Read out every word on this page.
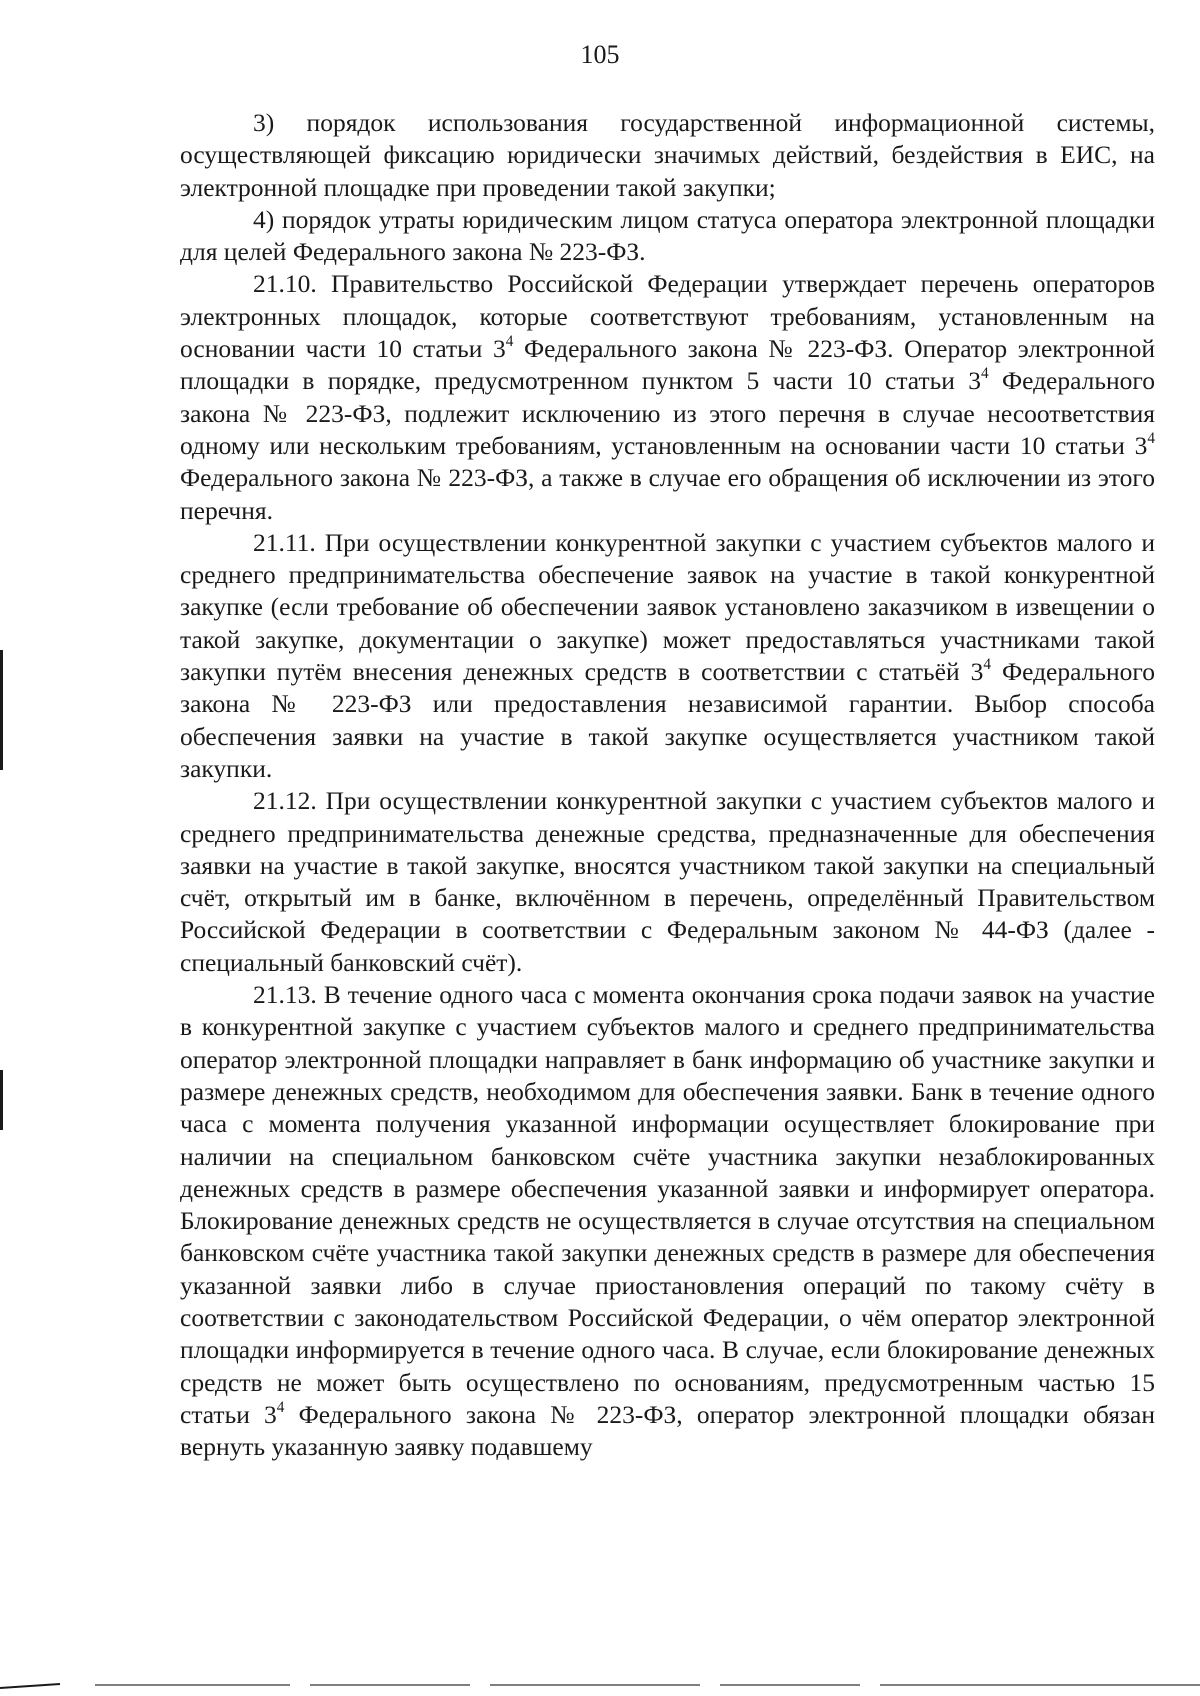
105

3) порядок использования государственной информационной системы, осуществляющей фиксацию юридически значимых действий, бездействия в ЕИС, на электронной площадке при проведении такой закупки;

4) порядок утраты юридическим лицом статуса оператора электронной площадки для целей Федерального закона № 223-ФЗ.

21.10. Правительство Российской Федерации утверждает перечень операторов электронных площадок, которые соответствуют требованиям, установленным на основании части 10 статьи $3^4$ Федерального закона № 223-ФЗ. Оператор электронной площадки в порядке, предусмотренном пунктом 5 части 10 статьи $3^4$ Федерального закона № 223-ФЗ, подлежит исключению из этого перечня в случае несоответствия одному или нескольким требованиям, установленным на основании части 10 статьи $3^4$ Федерального закона № 223-ФЗ, а также в случае его обращения об исключении из этого перечня.

21.11. При осуществлении конкурентной закупки с участием субъектов малого и среднего предпринимательства обеспечение заявок на участие в такой конкурентной закупке (если требование об обеспечении заявок установлено заказчиком в извещении о такой закупке, документации о закупке) может предоставляться участниками такой закупки путём внесения денежных средств в соответствии с статьёй $3^4$ Федерального закона № 223-ФЗ или предоставления независимой гарантии. Выбор способа обеспечения заявки на участие в такой закупке осуществляется участником такой закупки.

21.12. При осуществлении конкурентной закупки с участием субъектов малого и среднего предпринимательства денежные средства, предназначенные для обеспечения заявки на участие в такой закупке, вносятся участником такой закупки на специальный счёт, открытый им в банке, включённом в перечень, определённый Правительством Российской Федерации в соответствии с Федеральным законом № 44-ФЗ (далее - специальный банковский счёт).

21.13. В течение одного часа с момента окончания срока подачи заявок на участие в конкурентной закупке с участием субъектов малого и среднего предпринимательства оператор электронной площадки направляет в банк информацию об участнике закупки и размере денежных средств, необходимом для обеспечения заявки. Банк в течение одного часа с момента получения указанной информации осуществляет блокирование при наличии на специальном банковском счёте участника закупки незаблокированных денежных средств в размере обеспечения указанной заявки и информирует оператора. Блокирование денежных средств не осуществляется в случае отсутствия на специальном банковском счёте участника такой закупки денежных средств в размере для обеспечения указанной заявки либо в случае приостановления операций по такому счёту в соответствии с законодательством Российской Федерации, о чём оператор электронной площадки информируется в течение одного часа. В случае, если блокирование денежных средств не может быть осуществлено по основаниям, предусмотренным частью 15 статьи $3^4$ Федерального закона № 223-ФЗ, оператор электронной площадки обязан вернуть указанную заявку подавшему
